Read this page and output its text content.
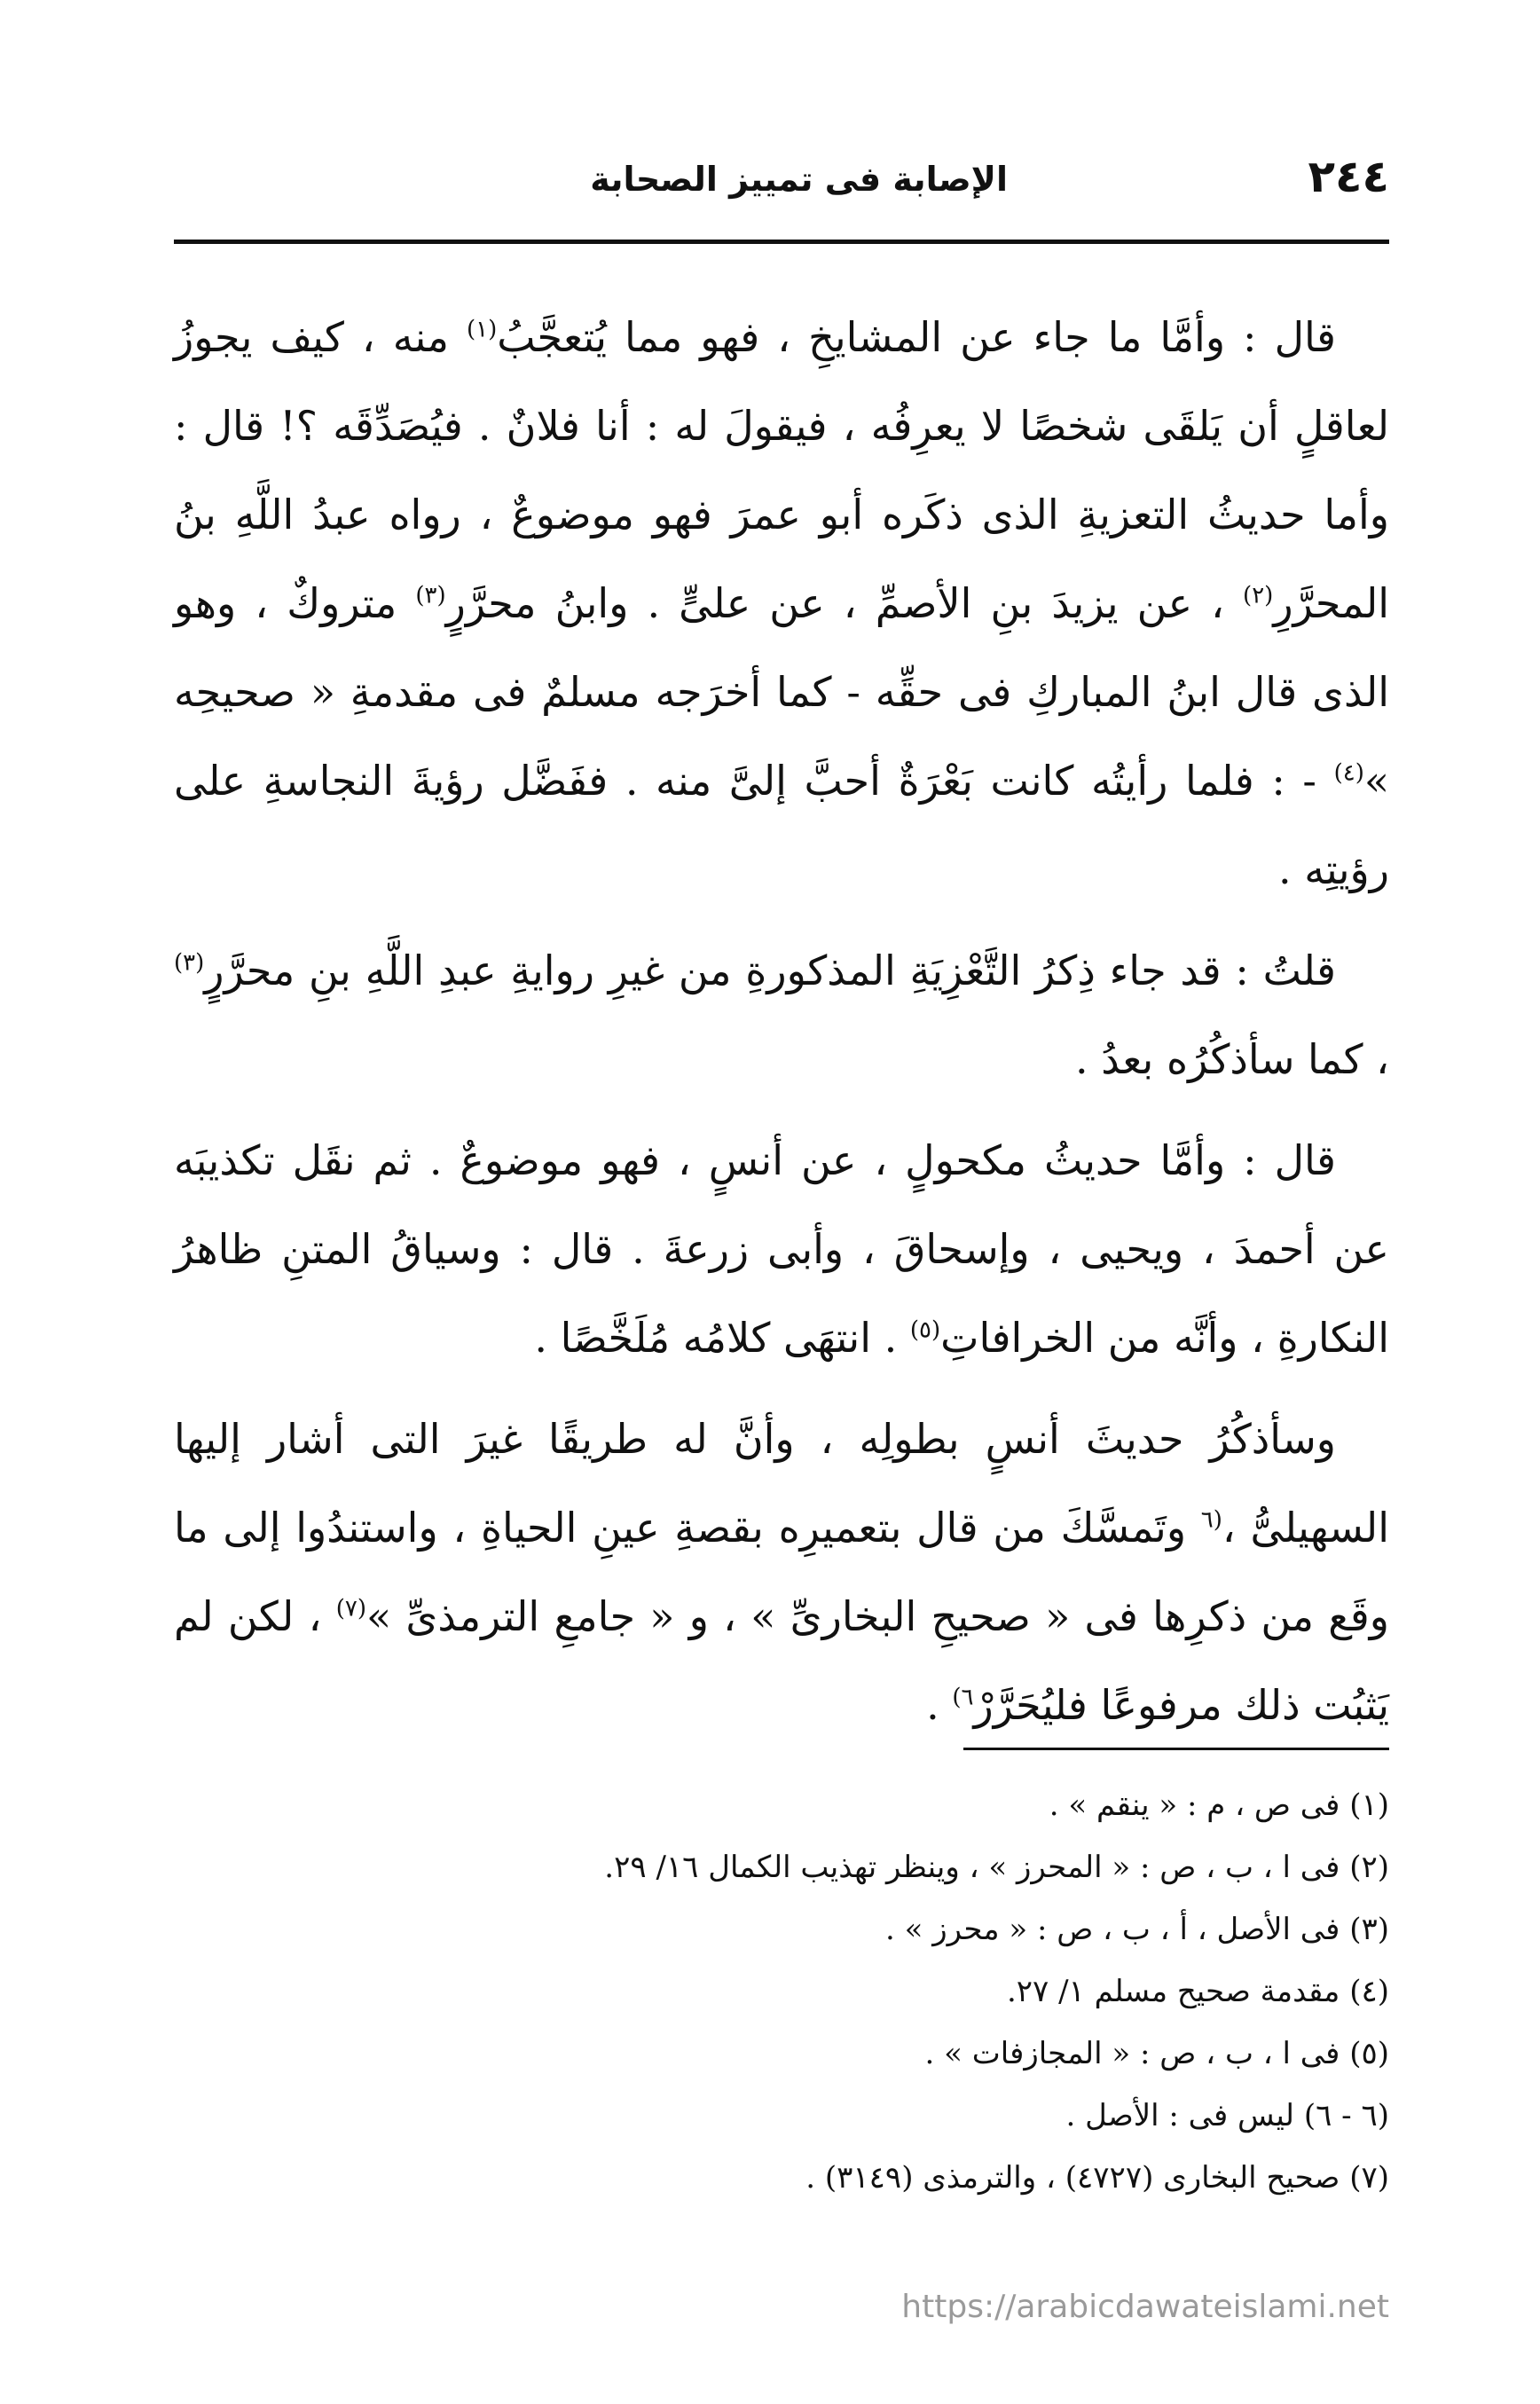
٢٤٤
الإصابة فى تمييز الصحابة

قال : وأمَّا ما جاء عن المشايخِ ، فهو مما يُتعجَّبُ$^{(١)}$ منه ، كيف يجوزُ لعاقلٍ أن يَلقَى شخصًا لا يعرِفُه ، فيقولَ له : أنا فلانٌ . فيُصَدِّقَه ؟! قال : وأما حديثُ التعزيةِ الذى ذكَره أبو عمرَ فهو موضوعٌ ، رواه عبدُ اللَّهِ بنُ المحرَّرِ$^{(٢)}$ ، عن يزيدَ بنِ الأصمِّ ، عن علىٍّ . وابنُ محرَّرٍ$^{(٣)}$ متروكٌ ، وهو الذى قال ابنُ المباركِ فى حقِّه - كما أخرَجه مسلمٌ فى مقدمةِ « صحيحِه »$^{(٤)}$ - : فلما رأيتُه كانت بَعْرَةٌ أحبَّ إلىَّ منه . ففَضَّل رؤيةَ النجاسةِ على رؤيتِه .

قلتُ : قد جاء ذِكرُ التَّعْزِيَةِ المذكورةِ من غيرِ روايةِ عبدِ اللَّهِ بنِ محرَّرٍ$^{(٣)}$ ، كما سأذكُرُه بعدُ .

قال : وأمَّا حديثُ مكحولٍ ، عن أنسٍ ، فهو موضوعٌ . ثم نقَل تكذيبَه عن أحمدَ ، ويحيى ، وإسحاقَ ، وأبى زرعةَ . قال : وسياقُ المتنِ ظاهرُ النكارةِ ، وأنَّه من الخرافاتِ$^{(٥)}$ . انتهَى كلامُه مُلَخَّصًا .

وسأذكُرُ حديثَ أنسٍ بطولِه ، وأنَّ له طريقًا غيرَ التى أشار إليها السهيلىُّ ،$^{(٦}$ وتَمسَّكَ من قال بتعميرِه بقصةِ عينِ الحياةِ ، واستندُوا إلى ما وقَع من ذكرِها فى « صحيحِ البخارىِّ » ، و « جامعِ الترمذىِّ »$^{(٧)}$ ، لكن لم يَثبُت ذلك مرفوعًا فليُحَرَّرْ$^{٦)}$ .

(١) فى ص ، م : « ينقم » .

(٢) فى ا ، ب ، ص : « المحرز » ، وينظر تهذيب الكمال ١٦/ ٢٩.

(٣) فى الأصل ، أ ، ب ، ص : « محرز » .

(٤) مقدمة صحيح مسلم ١/ ٢٧.

(٥) فى ا ، ب ، ص : « المجازفات » .

(٦ - ٦) ليس فى : الأصل .

(٧) صحيح البخارى (٤٧٢٧) ، والترمذى (٣١٤٩) .

https://arabicdawateislami.net
